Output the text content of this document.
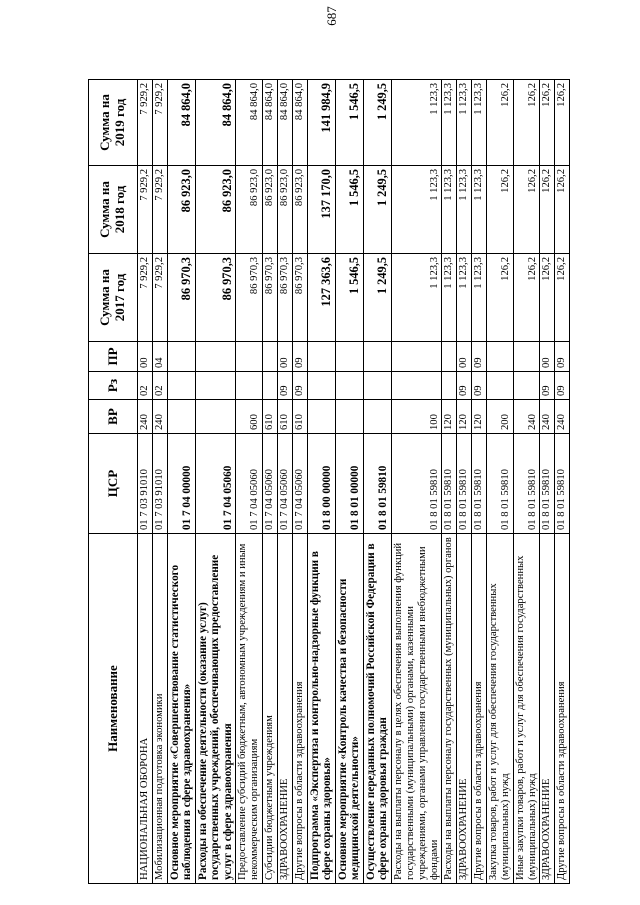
687
Наименование	ЦСР	ВР	Рз	ПР	Сумма на 2017 год	Сумма на 2018 год	Сумма на 2019 год
НАЦИОНАЛЬНАЯ ОБОРОНА	01 7 03 91010	240	02	00	7 929,2	7 929,2	7 929,2
Мобилизационная подготовка экономики	01 7 03 91010	240	02	04	7 929,2	7 929,2	7 929,2
Основное мероприятие «Совершенствование статистического наблюдения в сфере здравоохранения»	01 7 04 00000				86 970,3	86 923,0	84 864,0
Расходы на обеспечение деятельности (оказание услуг) государственных учреждений, обеспечивающих предоставление услуг в сфере здравоохранения	01 7 04 05060				86 970,3	86 923,0	84 864,0
Предоставление субсидий бюджетным, автономным учреждениям и иным некоммерческим организациям	01 7 04 05060	600			86 970,3	86 923,0	84 864,0
Субсидии бюджетным учреждениям	01 7 04 05060	610			86 970,3	86 923,0	84 864,0
ЗДРАВООХРАНЕНИЕ	01 7 04 05060	610	09	00	86 970,3	86 923,0	84 864,0
Другие вопросы в области здравоохранения	01 7 04 05060	610	09	09	86 970,3	86 923,0	84 864,0
Подпрограмма «Экспертиза и контрольно-надзорные функции в сфере охраны здоровья»	01 8 00 00000				127 363,6	137 170,0	141 984,9
Основное мероприятие «Контроль качества и безопасности медицинской деятельности»	01 8 01 00000				1 546,5	1 546,5	1 546,5
Осуществление переданных полномочий Российской Федерации в сфере охраны здоровья граждан	01 8 01 59810				1 249,5	1 249,5	1 249,5
Расходы на выплаты персоналу в целях обеспечения выполнения функций государственными (муниципальными) органами, казенными учреждениями, органами управления государственными внебюджетными фондами	01 8 01 59810	100			1 123,3	1 123,3	1 123,3
Расходы на выплаты персоналу государственных (муниципальных) органов	01 8 01 59810	120			1 123,3	1 123,3	1 123,3
ЗДРАВООХРАНЕНИЕ	01 8 01 59810	120	09	00	1 123,3	1 123,3	1 123,3
Другие вопросы в области здравоохранения	01 8 01 59810	120	09	09	1 123,3	1 123,3	1 123,3
Закупка товаров, работ и услуг для обеспечения государственных (муниципальных) нужд	01 8 01 59810	200			126,2	126,2	126,2
Иные закупки товаров, работ и услуг для обеспечения государственных (муниципальных) нужд	01 8 01 59810	240			126,2	126,2	126,2
ЗДРАВООХРАНЕНИЕ	01 8 01 59810	240	09	00	126,2	126,2	126,2
Другие вопросы в области здравоохранения	01 8 01 59810	240	09	09	126,2	126,2	126,2
